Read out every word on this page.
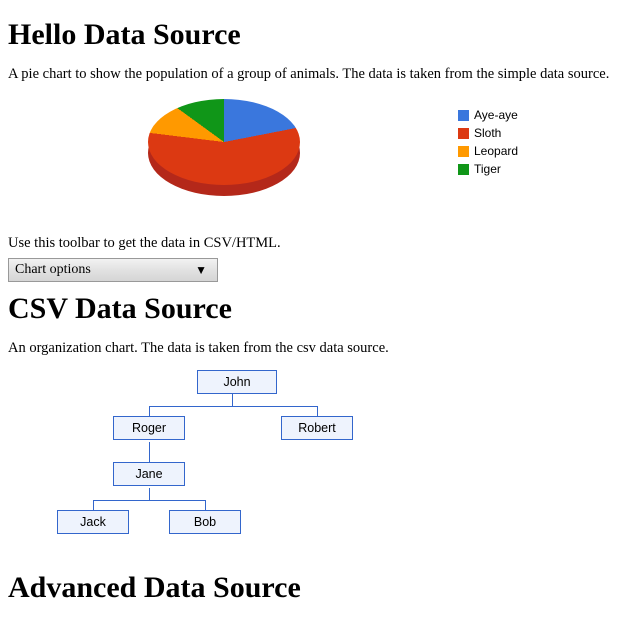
Hello Data Source

A pie chart to show the population of a group of animals. The data is taken from the simple data source.

Aye-aye
Sloth
Leopard
Tiger

Use this toolbar to get the data in CSV/HTML.

Chart options	▼
CSV Data Source

An organization chart. The data is taken from the csv data source.

John
Roger	Robert
Jane
Jack	Bob
Advanced Data Source
